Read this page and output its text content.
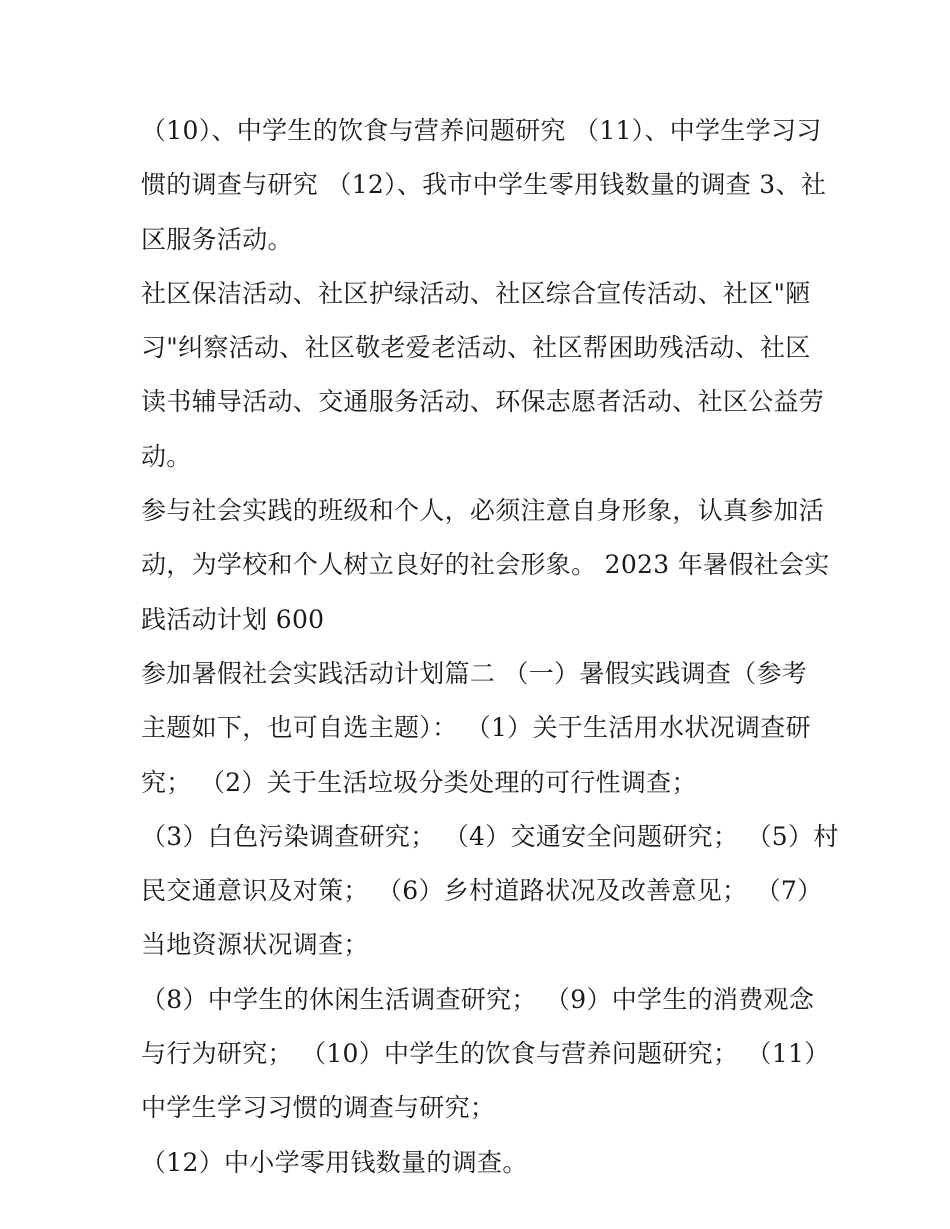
（10）、中学生的饮食与营养问题研究 （11）、中学生学习习
惯的调查与研究 （12）、我市中学生零用钱数量的调查 3、社
区服务活动。

社区保洁活动、社区护绿活动、社区综合宣传活动、社区"陋
习"纠察活动、社区敬老爱老活动、社区帮困助残活动、社区
读书辅导活动、交通服务活动、环保志愿者活动、社区公益劳
动。

参与社会实践的班级和个人，必须注意自身形象，认真参加活
动，为学校和个人树立良好的社会形象。 2023 年暑假社会实
践活动计划 600

参加暑假社会实践活动计划篇二 （一）暑假实践调查（参考
主题如下，也可自选主题）： （1）关于生活用水状况调查研
究； （2）关于生活垃圾分类处理的可行性调查；

（3）白色污染调查研究； （4）交通安全问题研究； （5）村
民交通意识及对策； （6）乡村道路状况及改善意见； （7）
当地资源状况调查；

（8）中学生的休闲生活调查研究； （9）中学生的消费观念
与行为研究； （10）中学生的饮食与营养问题研究； （11）
中学生学习习惯的调查与研究；

（12）中小学零用钱数量的调查。
